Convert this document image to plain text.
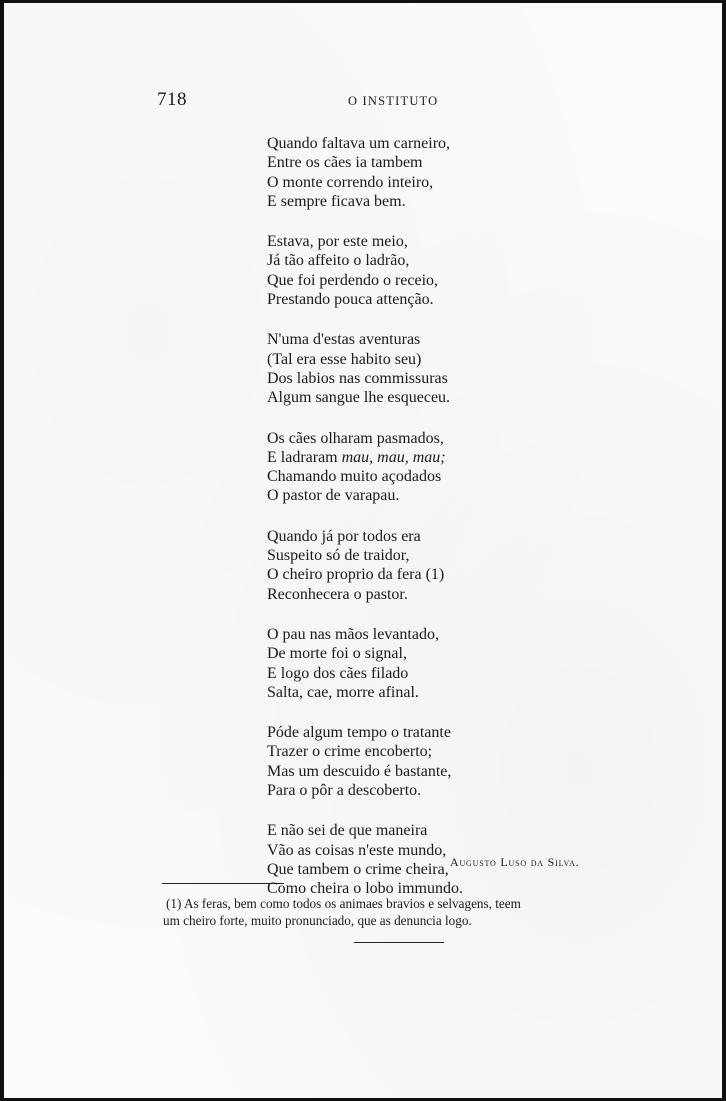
718	O INSTITUTO
Quando faltava um carneiro,
Entre os cães ia tambem
O monte correndo inteiro,
E sempre ficava bem.
Estava, por este meio,
Já tão affeito o ladrão,
Que foi perdendo o receio,
Prestando pouca attenção.
N'uma d'estas aventuras
(Tal era esse habito seu)
Dos labios nas commissuras
Algum sangue lhe esqueceu.
Os cães olharam pasmados,
E ladraram mau, mau, mau;
Chamando muito açodados
O pastor de varapau.
Quando já por todos era
Suspeito só de traidor,
O cheiro proprio da fera (1)
Reconhecera o pastor.
O pau nas mãos levantado,
De morte foi o signal,
E logo dos cães filado
Salta, cae, morre afinal.
Póde algum tempo o tratante
Trazer o crime encoberto;
Mas um descuido é bastante,
Para o pôr a descoberto.
E não sei de que maneira
Vão as coisas n'este mundo,
Que tambem o crime cheira,
Como cheira o lobo immundo.
Augusto Luso da Silva.
(1) As feras, bem como todos os animaes bravios e selvagens, teem
um cheiro forte, muito pronunciado, que as denuncia logo.
